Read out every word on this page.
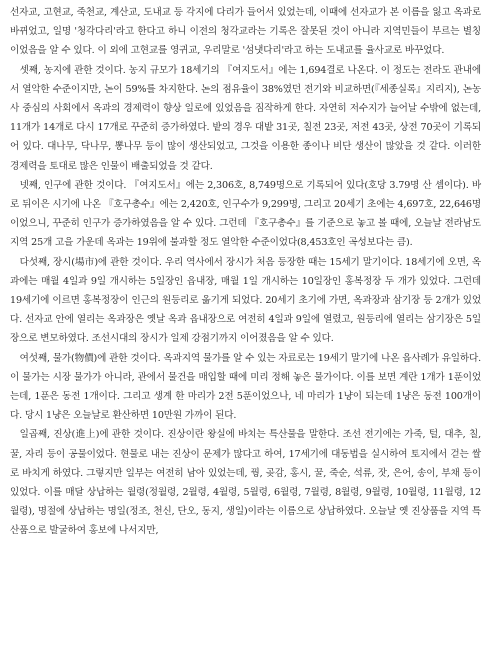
선자교, 고현교, 죽천교, 계산교, 도내교 등 각지에 다리가 들어서 있었는데, 이때에 선자교가 본 이름을 잃고 옥과로 바뀌었고, 일명 '청각다리'라고 한다고 하니 이전의 청각교라는 기록은 잘못된 것이 아니라 지역민들이 부르는 별칭이었음을 알 수 있다. 이 외에 고현교를 영귀교, 우리말로 '섬냇다리'라고 하는 도내교를 율사교로 바꾸었다.

셋째, 농지에 관한 것이다. 농지 규모가 18세기의 『여지도서』에는 1,694결로 나온다. 이 정도는 전라도 관내에서 열악한 수준이지만, 논이 59%를 차지한다. 논의 점유율이 38%였던 전기와 비교하면(『세종실록』지리지), 논농사 중심의 사회에서 옥과의 경제력이 향상 일로에 있었음을 짐작하게 한다. 자연히 저수지가 늘어날 수밖에 없는데, 11개가 14개로 다시 17개로 꾸준히 증가하였다. 밭의 경우 대밭 31곳, 칠전 23곳, 저전 43곳, 상전 70곳이 기록되어 있다. 대나무, 닥나무, 뽕나무 등이 많이 생산되었고, 그것을 이용한 종이나 비단 생산이 많았을 것 같다. 이러한 경제력을 토대로 많은 인물이 배출되었을 것 같다.

넷째, 인구에 관한 것이다. 『여지도서』에는 2,306호, 8,749명으로 기록되어 있다(호당 3.79명 산 셈이다). 바로 뒤이은 시기에 나온 『호구총수』에는 2,420호, 인구수가 9,299명, 그리고 20세기 초에는 4,697호, 22,646명이었으니, 꾸준히 인구가 증가하였음을 알 수 있다. 그런데 『호구총수』를 기준으로 놓고 볼 때에, 오늘날 전라남도 지역 25개 고을 가운데 옥과는 19위에 불과할 정도 열악한 수준이었다(8,453호인 곡성보다는 큼).

다섯째, 장시(場市)에 관한 것이다. 우리 역사에서 장시가 처음 등장한 때는 15세기 말기이다. 18세기에 오면, 옥과에는 매월 4일과 9일 개시하는 5일장인 읍내장, 매월 1일 개시하는 10일장인 홍복정장 두 개가 있었다. 그런데 19세기에 이르면 홍복정장이 인근의 원등리로 옮기게 되었다. 20세기 초기에 가면, 옥과장과 삼기장 등 2개가 있었다. 선자교 안에 열리는 옥과장은 옛날 옥과 읍내장으로 여전히 4일과 9일에 열렸고, 원등리에 열리는 삼기장은 5일장으로 변모하였다. 조선시대의 장시가 일제 강점기까지 이어졌음을 알 수 있다.

여섯째, 물가(物價)에 관한 것이다. 옥과지역 물가를 알 수 있는 자료로는 19세기 말기에 나온 읍사례가 유일하다. 이 물가는 시장 물가가 아니라, 관에서 물건을 매입할 때에 미리 정해 놓은 물가이다. 이를 보면 계란 1개가 1푼이었는데, 1푼은 동전 1개이다. 그리고 생계 한 마리가 2전 5푼이었으나, 네 마리가 1냥이 되는데 1냥은 동전 100개이다. 당시 1냥은 오늘날로 환산하면 10만원 가까이 된다.

일곱째, 진상(進上)에 관한 것이다. 진상이란 왕실에 바치는 특산물을 말한다. 조선 전기에는 가죽, 털, 대추, 칠, 꿀, 자리 등이 공물이었다. 현물로 내는 진상이 문제가 많다고 하여, 17세기에 대동법을 실시하여 토지에서 걷는 쌀로 바치게 하였다. 그렇지만 일부는 여전히 남아 있었는데, 꿩, 곶감, 홍시, 꿀, 죽순, 석류, 잣, 은어, 송이, 부채 등이 있었다. 이를 매달 상납하는 월령(정월령, 2월령, 4월령, 5월령, 6월령, 7월령, 8월령, 9월령, 10월령, 11월령, 12월령), 명절에 상납하는 명일(정조, 천신, 단오, 동지, 생일)이라는 이름으로 상납하였다. 오늘날 옛 진상품을 지역 특산품으로 발굴하여 홍보에 나서지만,
